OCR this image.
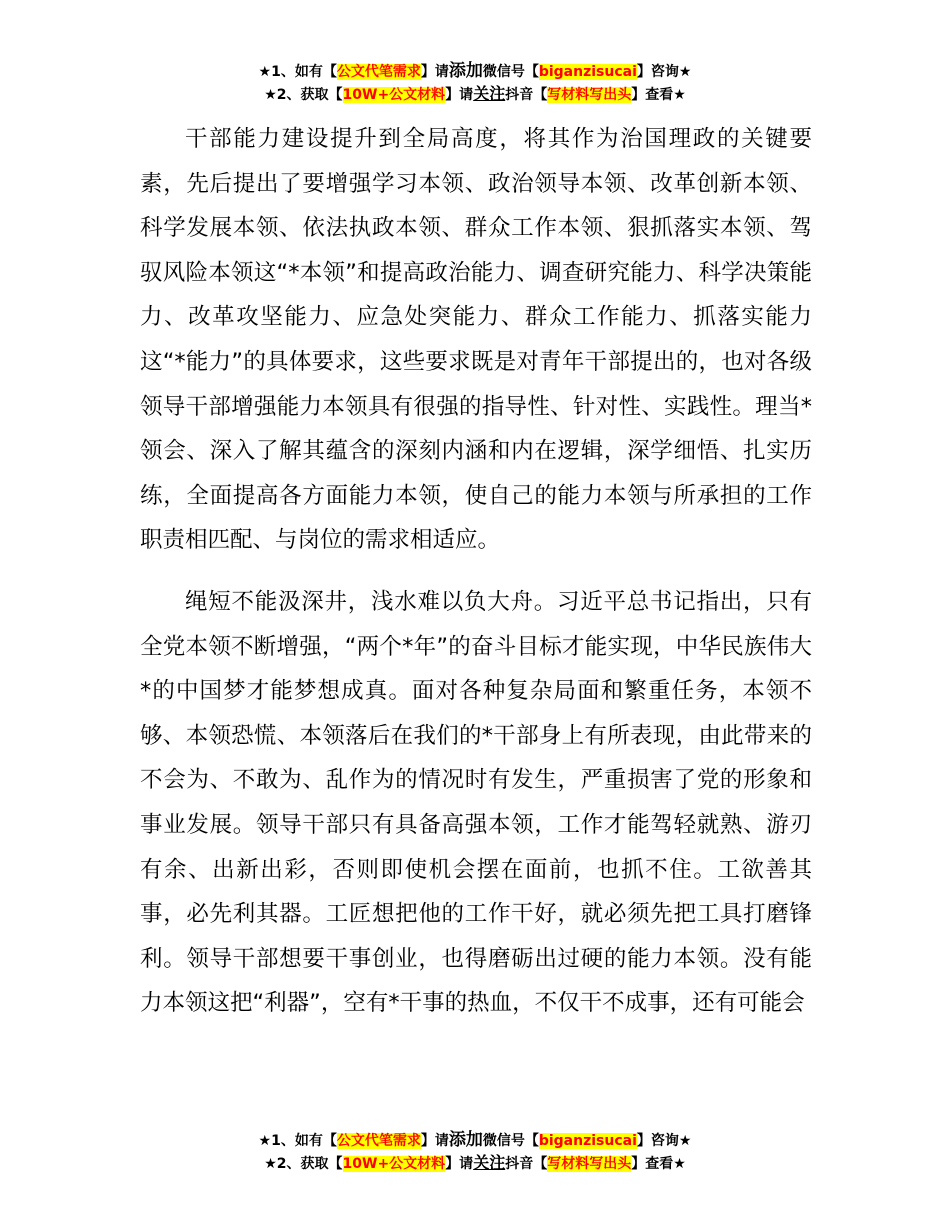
★1、如有【公文代笔需求】请添加微信号【biganzisucai】咨询★
★2、获取【10W+公文材料】请关注抖音【写材料写出头】查看★

干部能力建设提升到全局高度，将其作为治国理政的关键要素，先后提出了要增强学习本领、政治领导本领、改革创新本领、科学发展本领、依法执政本领、群众工作本领、狠抓落实本领、驾驭风险本领这“*本领”和提高政治能力、调查研究能力、科学决策能力、改革攻坚能力、应急处突能力、群众工作能力、抓落实能力这“*能力”的具体要求，这些要求既是对青年干部提出的，也对各级领导干部增强能力本领具有很强的指导性、针对性、实践性。理当*领会、深入了解其蕴含的深刻内涵和内在逻辑，深学细悟、扎实历练，全面提高各方面能力本领，使自己的能力本领与所承担的工作职责相匹配、与岗位的需求相适应。

绳短不能汲深井，浅水难以负大舟。习近平总书记指出，只有全党本领不断增强，“两个*年”的奋斗目标才能实现，中华民族伟大*的中国梦才能梦想成真。面对各种复杂局面和繁重任务，本领不够、本领恐慌、本领落后在我们的*干部身上有所表现，由此带来的不会为、不敢为、乱作为的情况时有发生，严重损害了党的形象和事业发展。领导干部只有具备高强本领，工作才能驾轻就熟、游刃有余、出新出彩，否则即使机会摆在面前，也抓不住。工欲善其事，必先利其器。工匠想把他的工作干好，就必须先把工具打磨锋利。领导干部想要干事创业，也得磨砺出过硬的能力本领。没有能力本领这把“利器”，空有*干事的热血，不仅干不成事，还有可能会

★1、如有【公文代笔需求】请添加微信号【biganzisucai】咨询★
★2、获取【10W+公文材料】请关注抖音【写材料写出头】查看★
